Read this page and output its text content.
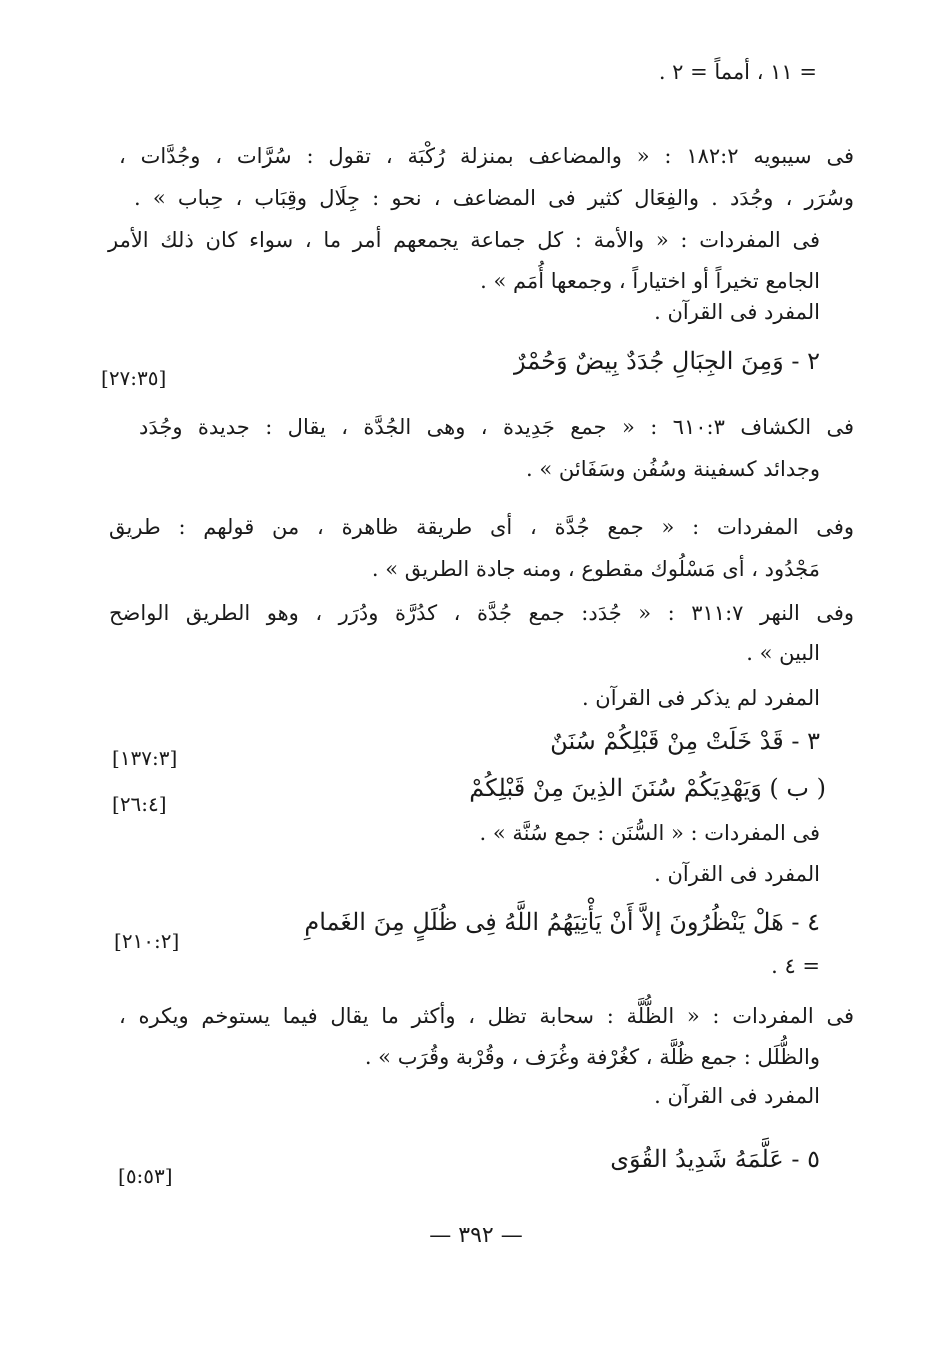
= ١١ ، أمماً = ٢ .
فى سيبويه ١٨٢:٢ : « والمضاعف بمنزلة رُكْبَة ، تقول : سُرَّات ، وجُدَّات ،
وسُرَر ، وجُدَد . والفِعَال كثير فى المضاعف ، نحو : جِلَال وقِبَاب ، حِباب » .
فى المفردات : « والأمة : كل جماعة يجمعهم أمر ما ، سواء كان ذلك الأمر
الجامع تخيراً أو اختياراً ، وجمعها أُمَم » .
المفرد فى القرآن .
٢ - وَمِنَ الجِبَالِ جُدَدٌ بِيضٌ وَحُمْرٌ
[٢٧:٣٥]
فى الكشاف ٦١٠:٣ : « جمع جَدِيدة ، وهى الجُدَّة ، يقال : جديدة وجُدَد
وجدائد كسفينة وسُفُن وسَفَائن » .
وفى المفردات : « جمع جُدَّة ، أى طريقة ظاهرة ، من قولهم : طريق
مَجْدُود ، أى مَسْلُوك مقطوع ، ومنه جادة الطريق » .
وفى النهر ٣١١:٧ : « جُدَد: جمع جُدَّة ، كدُرَّة ودُرَر ، وهو الطريق الواضح
البين » .
المفرد لم يذكر فى القرآن .
٣ - قَدْ خَلَتْ مِنْ قَبْلِكُمْ سُنَنٌ
[١٣٧:٣]
( ب ) وَيَهْدِيَكُمْ سُنَنَ الذِينَ مِنْ قَبْلِكُمْ
[٢٦:٤]
فى المفردات : « السُّنَن : جمع سُنَّة » .
المفرد فى القرآن .
٤ - هَلْ يَنْظُرُونَ إلاَّ أَنْ يَأْتِيَهُمُ اللَّهُ فِى ظُلَلٍ مِنَ الغَمامِ
[٢١٠:٢]
= ٤ .
فى المفردات : « الظُّلَّة : سحابة تظل ، وأكثر ما يقال فيما يستوخم ويكره ،
والظُّلَل : جمع ظُلَّة ، كغُرْفة وغُرَف ، وقُرْبة وقُرَب » .
المفرد فى القرآن .
٥ - عَلَّمَهُ شَدِيدُ القُوَى
[٥:٥٣]
— ٣٩٢ —
